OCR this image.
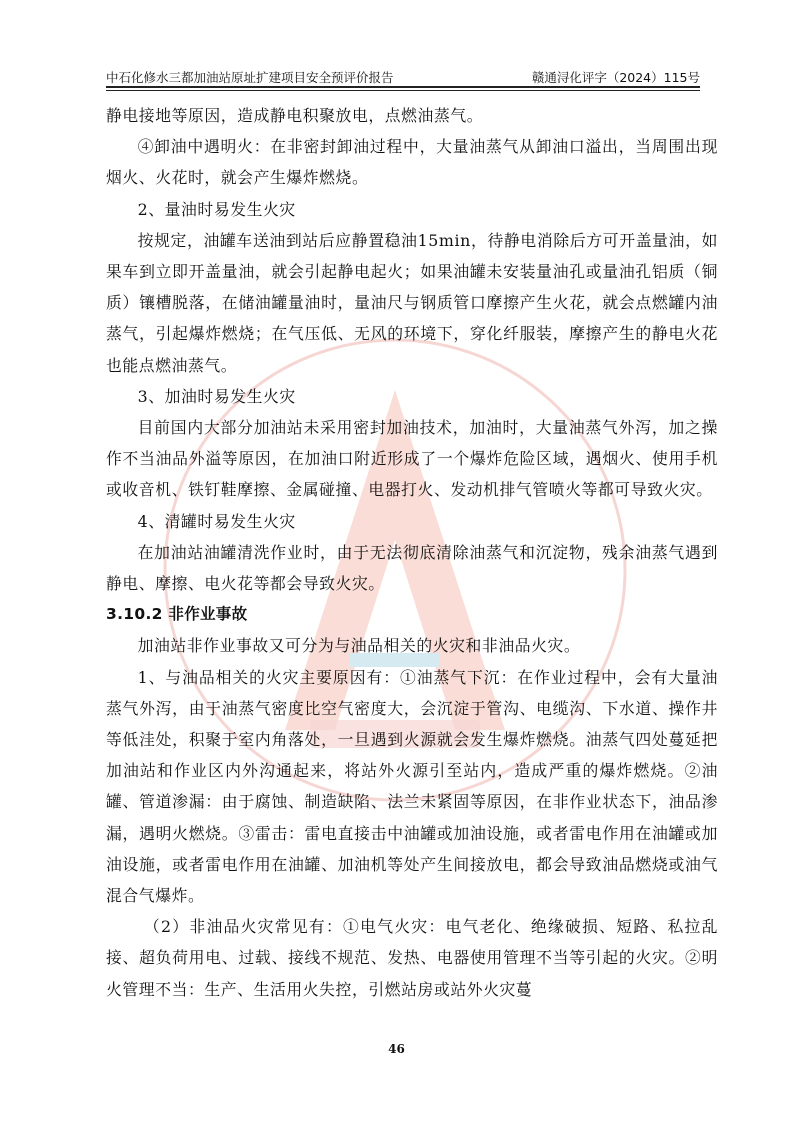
中石化修水三都加油站原址扩建项目安全预评价报告	赣通浔化评字（2024）115号

静电接地等原因，造成静电积聚放电，点燃油蒸气。

④卸油中遇明火：在非密封卸油过程中，大量油蒸气从卸油口溢出，当周围出现烟火、火花时，就会产生爆炸燃烧。

2、量油时易发生火灾

按规定，油罐车送油到站后应静置稳油15min，待静电消除后方可开盖量油，如果车到立即开盖量油，就会引起静电起火；如果油罐未安装量油孔或量油孔铝质（铜质）镶槽脱落，在储油罐量油时，量油尺与钢质管口摩擦产生火花，就会点燃罐内油蒸气，引起爆炸燃烧；在气压低、无风的环境下，穿化纤服装，摩擦产生的静电火花也能点燃油蒸气。

3、加油时易发生火灾

目前国内大部分加油站未采用密封加油技术，加油时，大量油蒸气外泻，加之操作不当油品外溢等原因，在加油口附近形成了一个爆炸危险区域，遇烟火、使用手机或收音机、铁钉鞋摩擦、金属碰撞、电器打火、发动机排气管喷火等都可导致火灾。

4、清罐时易发生火灾

在加油站油罐清洗作业时，由于无法彻底清除油蒸气和沉淀物，残余油蒸气遇到静电、摩擦、电火花等都会导致火灾。

3.10.2 非作业事故

加油站非作业事故又可分为与油品相关的火灾和非油品火灾。

1、与油品相关的火灾主要原因有：①油蒸气下沉：在作业过程中，会有大量油蒸气外泻，由于油蒸气密度比空气密度大，会沉淀于管沟、电缆沟、下水道、操作井等低洼处，积聚于室内角落处，一旦遇到火源就会发生爆炸燃烧。油蒸气四处蔓延把加油站和作业区内外沟通起来，将站外火源引至站内，造成严重的爆炸燃烧。②油罐、管道渗漏：由于腐蚀、制造缺陷、法兰未紧固等原因，在非作业状态下，油品渗漏，遇明火燃烧。③雷击：雷电直接击中油罐或加油设施，或者雷电作用在油罐或加油设施，或者雷电作用在油罐、加油机等处产生间接放电，都会导致油品燃烧或油气混合气爆炸。

（2）非油品火灾常见有：①电气火灾：电气老化、绝缘破损、短路、私拉乱接、超负荷用电、过载、接线不规范、发热、电器使用管理不当等引起的火灾。②明火管理不当：生产、生活用火失控，引燃站房或站外火灾蔓

46
